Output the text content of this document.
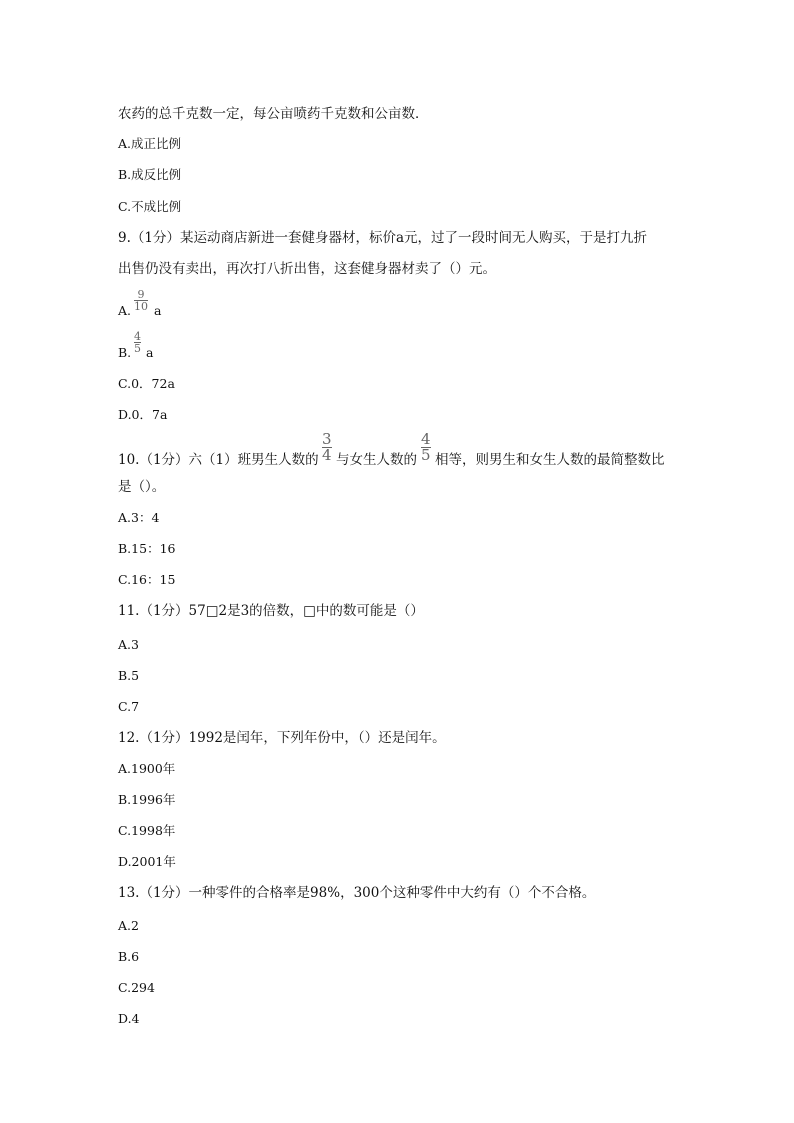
农药的总千克数一定，每公亩喷药千克数和公亩数．
A.成正比例
B.成反比例
C.不成比例
9.（1分）某运动商店新进一套健身器材，标价a元，过了一段时间无人购买，于是打九折
出售仍没有卖出，再次打八折出售，这套健身器材卖了（）元。
A.
9
10 a
B.
4
5 a
C.0．72a
D.0．7a
10.（1分）六（1）班男生人数的
3
4 与女生人数的
4
5 相等，则男生和女生人数的最简整数比
是（）。
A.3：4
B.15：16
C.16：15
11.（1分）57□2是3的倍数，□中的数可能是（）
A.3
B.5
C.7
12.（1分）1992是闰年，下列年份中，（）还是闰年。
A.1900年
B.1996年
C.1998年
D.2001年
13.（1分）一种零件的合格率是98%，300个这种零件中大约有（）个不合格。
A.2
B.6
C.294
D.4
